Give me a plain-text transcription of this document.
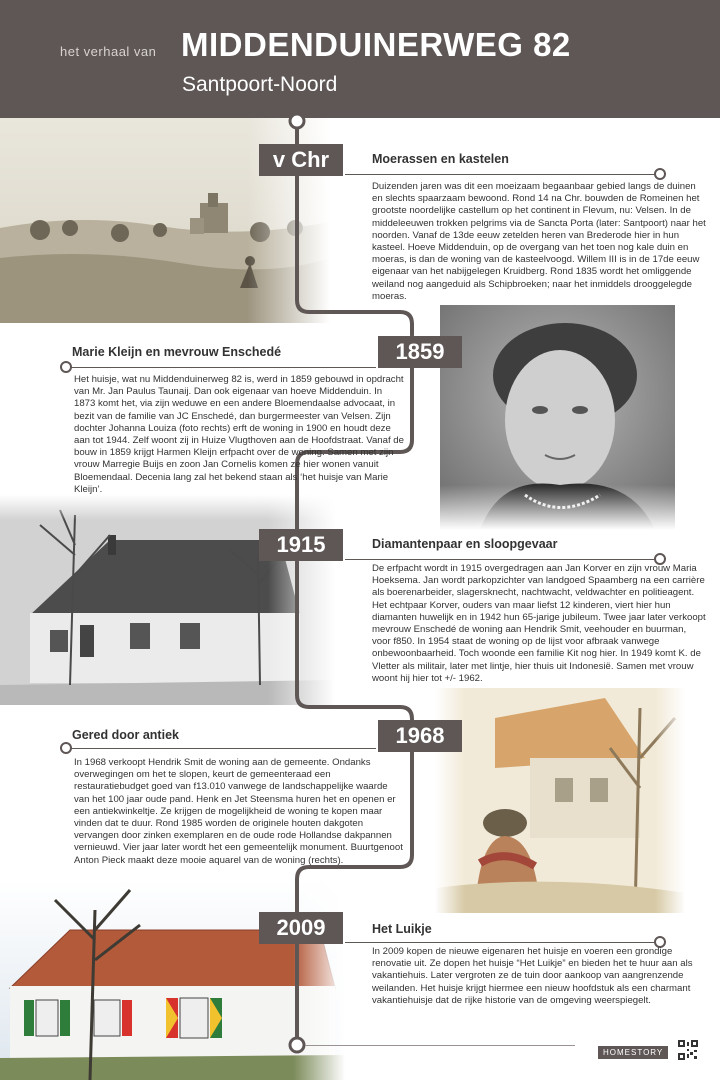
het verhaal van MIDDENDUINERWEG 82
Santpoort-Noord
v Chr	Moerassen en kastelen
Duizenden jaren was dit een moeizaam begaanbaar gebied langs de duinen en slechts spaarzaam bewoond. Rond 14 na Chr. bouwden de Romeinen het grootste noordelijke castellum op het continent in Flevum, nu: Velsen. In de middeleeuwen trokken pelgrims via de Sancta Porta (later: Santpoort) naar het noorden. Vanaf de 13de eeuw zetelden heren van Brederode hier in hun kasteel. Hoeve Middenduin, op de overgang van het toen nog kale duin en moeras, is dan de woning van de kasteelvoogd. Willem III is in de 17de eeuw eigenaar van het nabijgelegen Kruidberg. Rond 1835 wordt het omliggende weiland nog aangeduid als Schipbroeken; naar het inmiddels drooggelegde moeras.
1859
Marie Kleijn en mevrouw Enschedé
Het huisje, wat nu Middenduinerweg 82 is, werd in 1859 gebouwd in opdracht van Mr. Jan Paulus Taunaij. Dan ook eigenaar van hoeve Middenduin. In 1873 komt het, via zijn weduwe en een andere Bloemendaalse advocaat, in bezit van de familie van JC Enschedé, dan burgermeester van Velsen. Zijn dochter Johanna Louiza (foto rechts) erft de woning in 1900 en houdt deze aan tot 1944. Zelf woont zij in Huize Vlugthoven aan de Hoofdstraat. Vanaf de bouw in 1859 krijgt Harmen Kleijn erfpacht over de woning. Samen met zijn vrouw Marregie Buijs en zoon Jan Cornelis komen ze hier wonen vanuit Bloemendaal. Decenia lang zal het bekend staan als ‘het huisje van Marie Kleijn’.
1915	Diamantenpaar en sloopgevaar
De erfpacht wordt in 1915 overgedragen aan Jan Korver en zijn vrouw Maria Hoeksema. Jan wordt parkopzichter van landgoed Spaamberg na een carrière als boerenarbeider, slagersknecht, nachtwacht, veldwachter en politieagent. Het echtpaar Korver, ouders van maar liefst 12 kinderen, viert hier hun diamanten huwelijk en in 1942 hun 65-jarige jubileum. Twee jaar later verkoopt mevrouw Enschedé de woning aan Hendrik Smit, veehouder en buurman, voor f850. In 1954 staat de woning op de lijst voor afbraak vanwege onbewoonbaarheid. Toch woonde een familie Kit nog hier. In 1949 komt K. de Vletter als militair, later met lintje, hier thuis uit Indonesië. Samen met vrouw woont hij hier tot +/- 1962.
1968
Gered door antiek
In 1968 verkoopt Hendrik Smit de woning aan de gemeente. Ondanks overwegingen om het te slopen, keurt de gemeenteraad een restauratiebudget goed van f13.010 vanwege de landschappelijke waarde van het 100 jaar oude pand. Henk en Jet Steensma huren het en openen er een antiekwinkeltje. Ze krijgen de mogelijkheid de woning te kopen maar vinden dat te duur. Rond 1985 worden de originele houten dakgoten vervangen door zinken exemplaren en de oude rode Hollandse dakpannen vernieuwd. Vier jaar later wordt het een gemeentelijk monument. Buurtgenoot Anton Pieck maakt deze mooie aquarel van de woning (rechts).
2009	Het Luikje
In 2009 kopen de nieuwe eigenaren het huisje en voeren een grondige renovatie uit. Ze dopen het huisje “Het Luikje” en bieden het te huur aan als vakantiehuis. Later vergroten ze de tuin door aankoop van aangrenzende weilanden. Het huisje krijgt hiermee een nieuw hoofdstuk als een charmant vakantiehuisje dat de rijke historie van de omgeving weerspiegelt.
HOMESTORY
